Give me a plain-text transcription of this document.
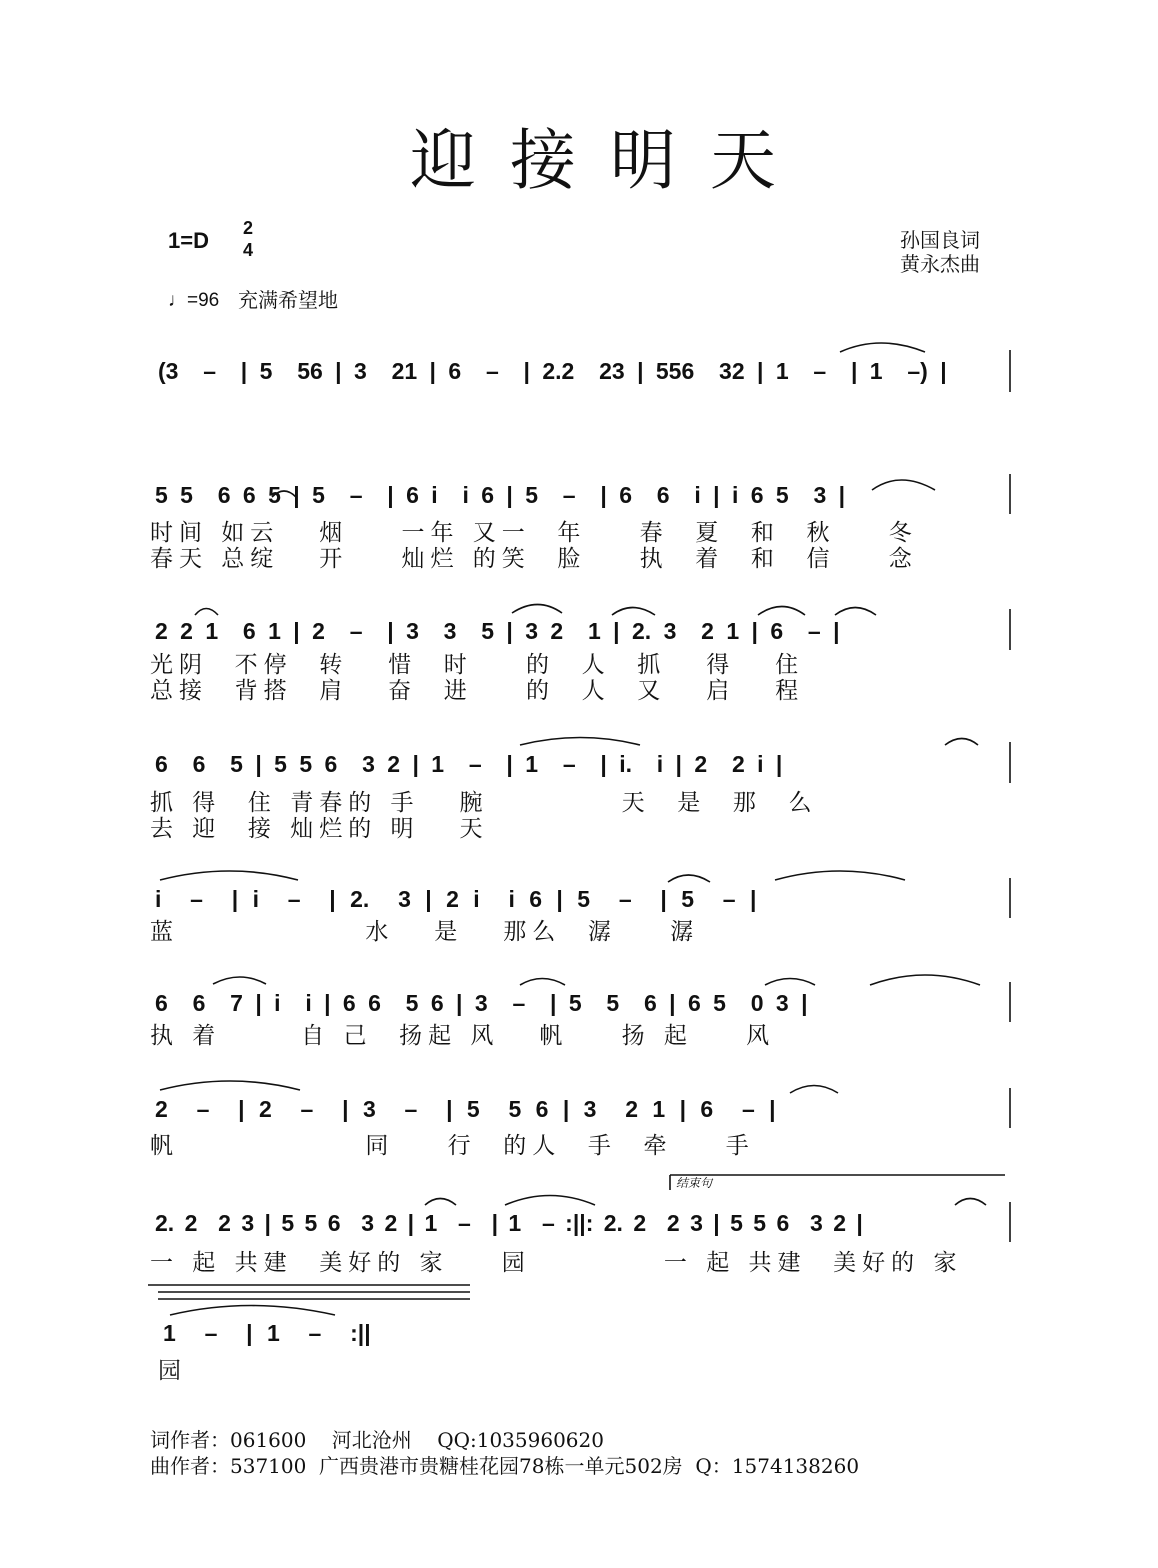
迎接明天
1=D 2
4
♩=96 充满希望地
孙国良词
黄永杰曲
(3  –  | 5  56 | 3  21 | 6  –  | 2.2  23 | 556  32 | 1  –  | 1  –) |
5 5  6 6 5 | 5  –  | 6 i  i 6 | 5  –  | 6  6  i | i 6 5  3 |
时间 如云   烟    一年 又一  年    春  夏  和  秋    冬
春天 总绽   开    灿烂 的笑  脸    执  着  和  信    念
2 2 1  6 1 | 2  –  | 3  3  5 | 3 2  1 | 2. 3  2 1 | 6  – |
光阴  不停  转   惜  时    的  人  抓   得   住
总接  背搭  肩   奋  进    的  人  又   启   程
6  6  5 | 5 5 6  3 2 | 1  –  | 1  –  | i.  i | 2  2 i |
抓 得  住 青春的 手   腕          天  是  那  么
去 迎  接 灿烂的 明   天
i  –  | i  –  | 2.  3 | 2 i  i 6 | 5  –  | 5  – |
蓝              水   是   那么  潺    潺
6  6  7 | i  i | 6 6  5 6 | 3  –  | 5  5  6 | 6 5  0 3 |
执 着      自 己  扬起 风   帆    扬 起    风
2  –  | 2  –  | 3  –  | 5  5 6 | 3  2 1 | 6  – |
帆              同    行  的人  手  牵    手
结束句
2. 2  2 3 | 5 5 6  3 2 | 1  –  | 1  – :||: 2. 2  2 3 | 5 5 6  3 2 |
一 起 共建  美好的 家    园          一 起 共建  美好的 家
1  –  | 1  –  :||
园
词作者：061600    河北沧州    QQ:1035960620
曲作者：537100  广西贵港市贵糖桂花园78栋一单元502房  Q：1574138260
